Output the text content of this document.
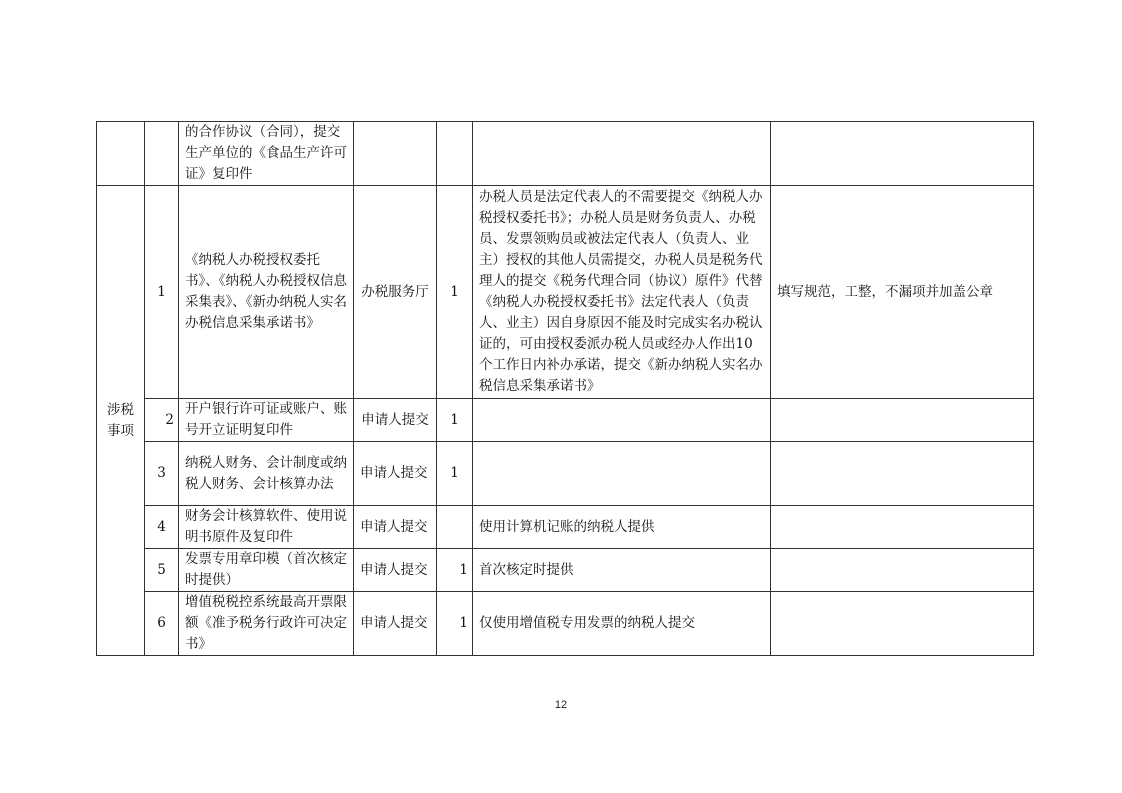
		的合作协议（合同），提交生产单位的《食品生产许可证》复印件				
涉税事项	1	《纳税人办税授权委托书》、《纳税人办税授权信息采集表》、《新办纳税人实名办税信息采集承诺书》	办税服务厅	1	办税人员是法定代表人的不需要提交《纳税人办税授权委托书》；办税人员是财务负责人、办税员、发票领购员或被法定代表人（负责人、业主）授权的其他人员需提交，办税人员是税务代理人的提交《税务代理合同（协议）原件》代替《纳税人办税授权委托书》法定代表人（负责人、业主）因自身原因不能及时完成实名办税认证的，可由授权委派办税人员或经办人作出10个工作日内补办承诺，提交《新办纳税人实名办税信息采集承诺书》	填写规范，工整，不漏项并加盖公章
	2	开户银行许可证或账户、账号开立证明复印件	申请人提交	1		
	3	纳税人财务、会计制度或纳税人财务、会计核算办法	申请人提交	1		
	4	财务会计核算软件、使用说明书原件及复印件	申请人提交		使用计算机记账的纳税人提供	
	5	发票专用章印模（首次核定时提供）	申请人提交	1	首次核定时提供	
	6	增值税税控系统最高开票限额《准予税务行政许可决定书》	申请人提交	1	仅使用增值税专用发票的纳税人提交	
12
